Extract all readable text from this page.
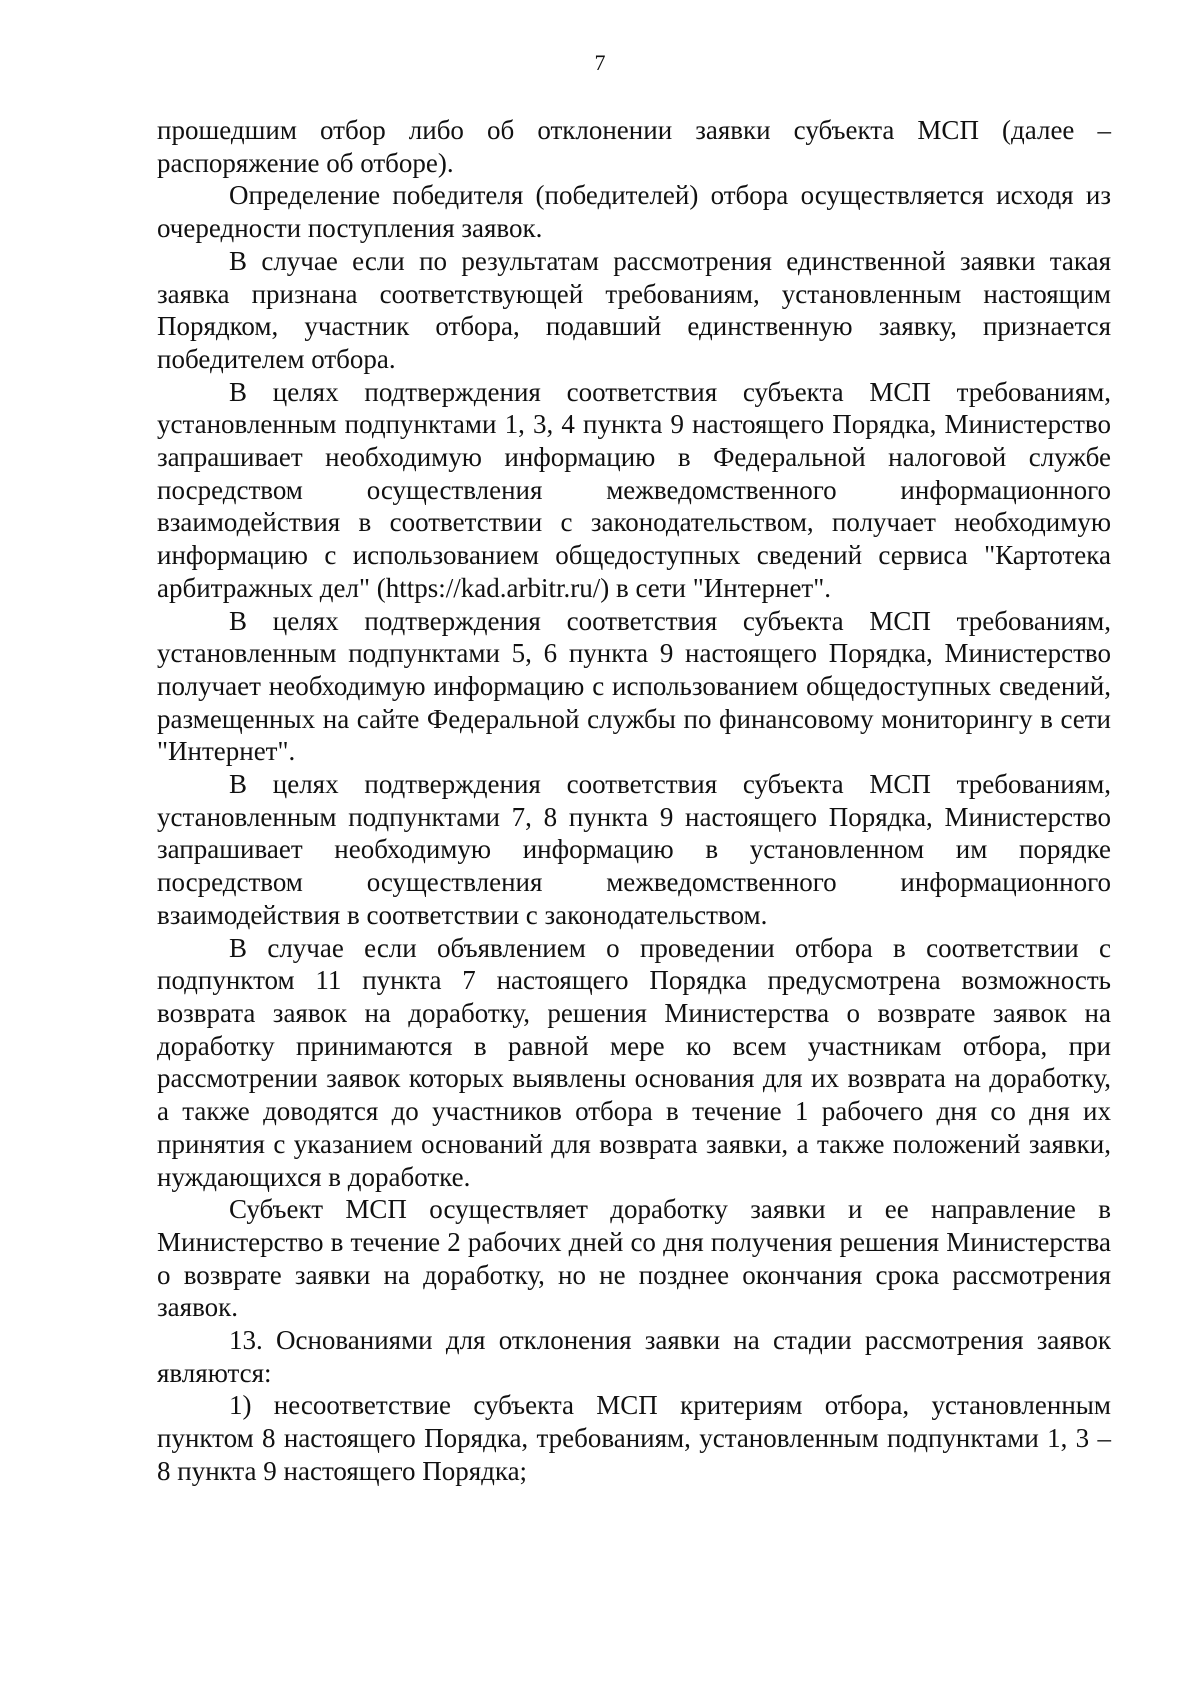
7

прошедшим отбор либо об отклонении заявки субъекта МСП (далее – распоряжение об отборе).

Определение победителя (победителей) отбора осуществляется исходя из очередности поступления заявок.

В случае если по результатам рассмотрения единственной заявки такая заявка признана соответствующей требованиям, установленным настоящим Порядком, участник отбора, подавший единственную заявку, признается победителем отбора.

В целях подтверждения соответствия субъекта МСП требованиям, установленным подпунктами 1, 3, 4 пункта 9 настоящего Порядка, Министерство запрашивает необходимую информацию в Федеральной налоговой службе посредством осуществления межведомственного информационного взаимодействия в соответствии с законодательством, получает необходимую информацию с использованием общедоступных сведений сервиса "Картотека арбитражных дел" (https://kad.arbitr.ru/) в сети "Интернет".

В целях подтверждения соответствия субъекта МСП требованиям, установленным подпунктами 5, 6 пункта 9 настоящего Порядка, Министерство получает необходимую информацию с использованием общедоступных сведений, размещенных на сайте Федеральной службы по финансовому мониторингу в сети "Интернет".

В целях подтверждения соответствия субъекта МСП требованиям, установленным подпунктами 7, 8 пункта 9 настоящего Порядка, Министерство запрашивает необходимую информацию в установленном им порядке посредством осуществления межведомственного информационного взаимодействия в соответствии с законодательством.

В случае если объявлением о проведении отбора в соответствии с подпунктом 11 пункта 7 настоящего Порядка предусмотрена возможность возврата заявок на доработку, решения Министерства о возврате заявок на доработку принимаются в равной мере ко всем участникам отбора, при рассмотрении заявок которых выявлены основания для их возврата на доработку, а также доводятся до участников отбора в течение 1 рабочего дня со дня их принятия с указанием оснований для возврата заявки, а также положений заявки, нуждающихся в доработке.

Субъект МСП осуществляет доработку заявки и ее направление в Министерство в течение 2 рабочих дней со дня получения решения Министерства о возврате заявки на доработку, но не позднее окончания срока рассмотрения заявок.

13. Основаниями для отклонения заявки на стадии рассмотрения заявок являются:

1) несоответствие субъекта МСП критериям отбора, установленным пунктом 8 настоящего Порядка, требованиям, установленным подпунктами 1, 3 – 8 пункта 9 настоящего Порядка;
